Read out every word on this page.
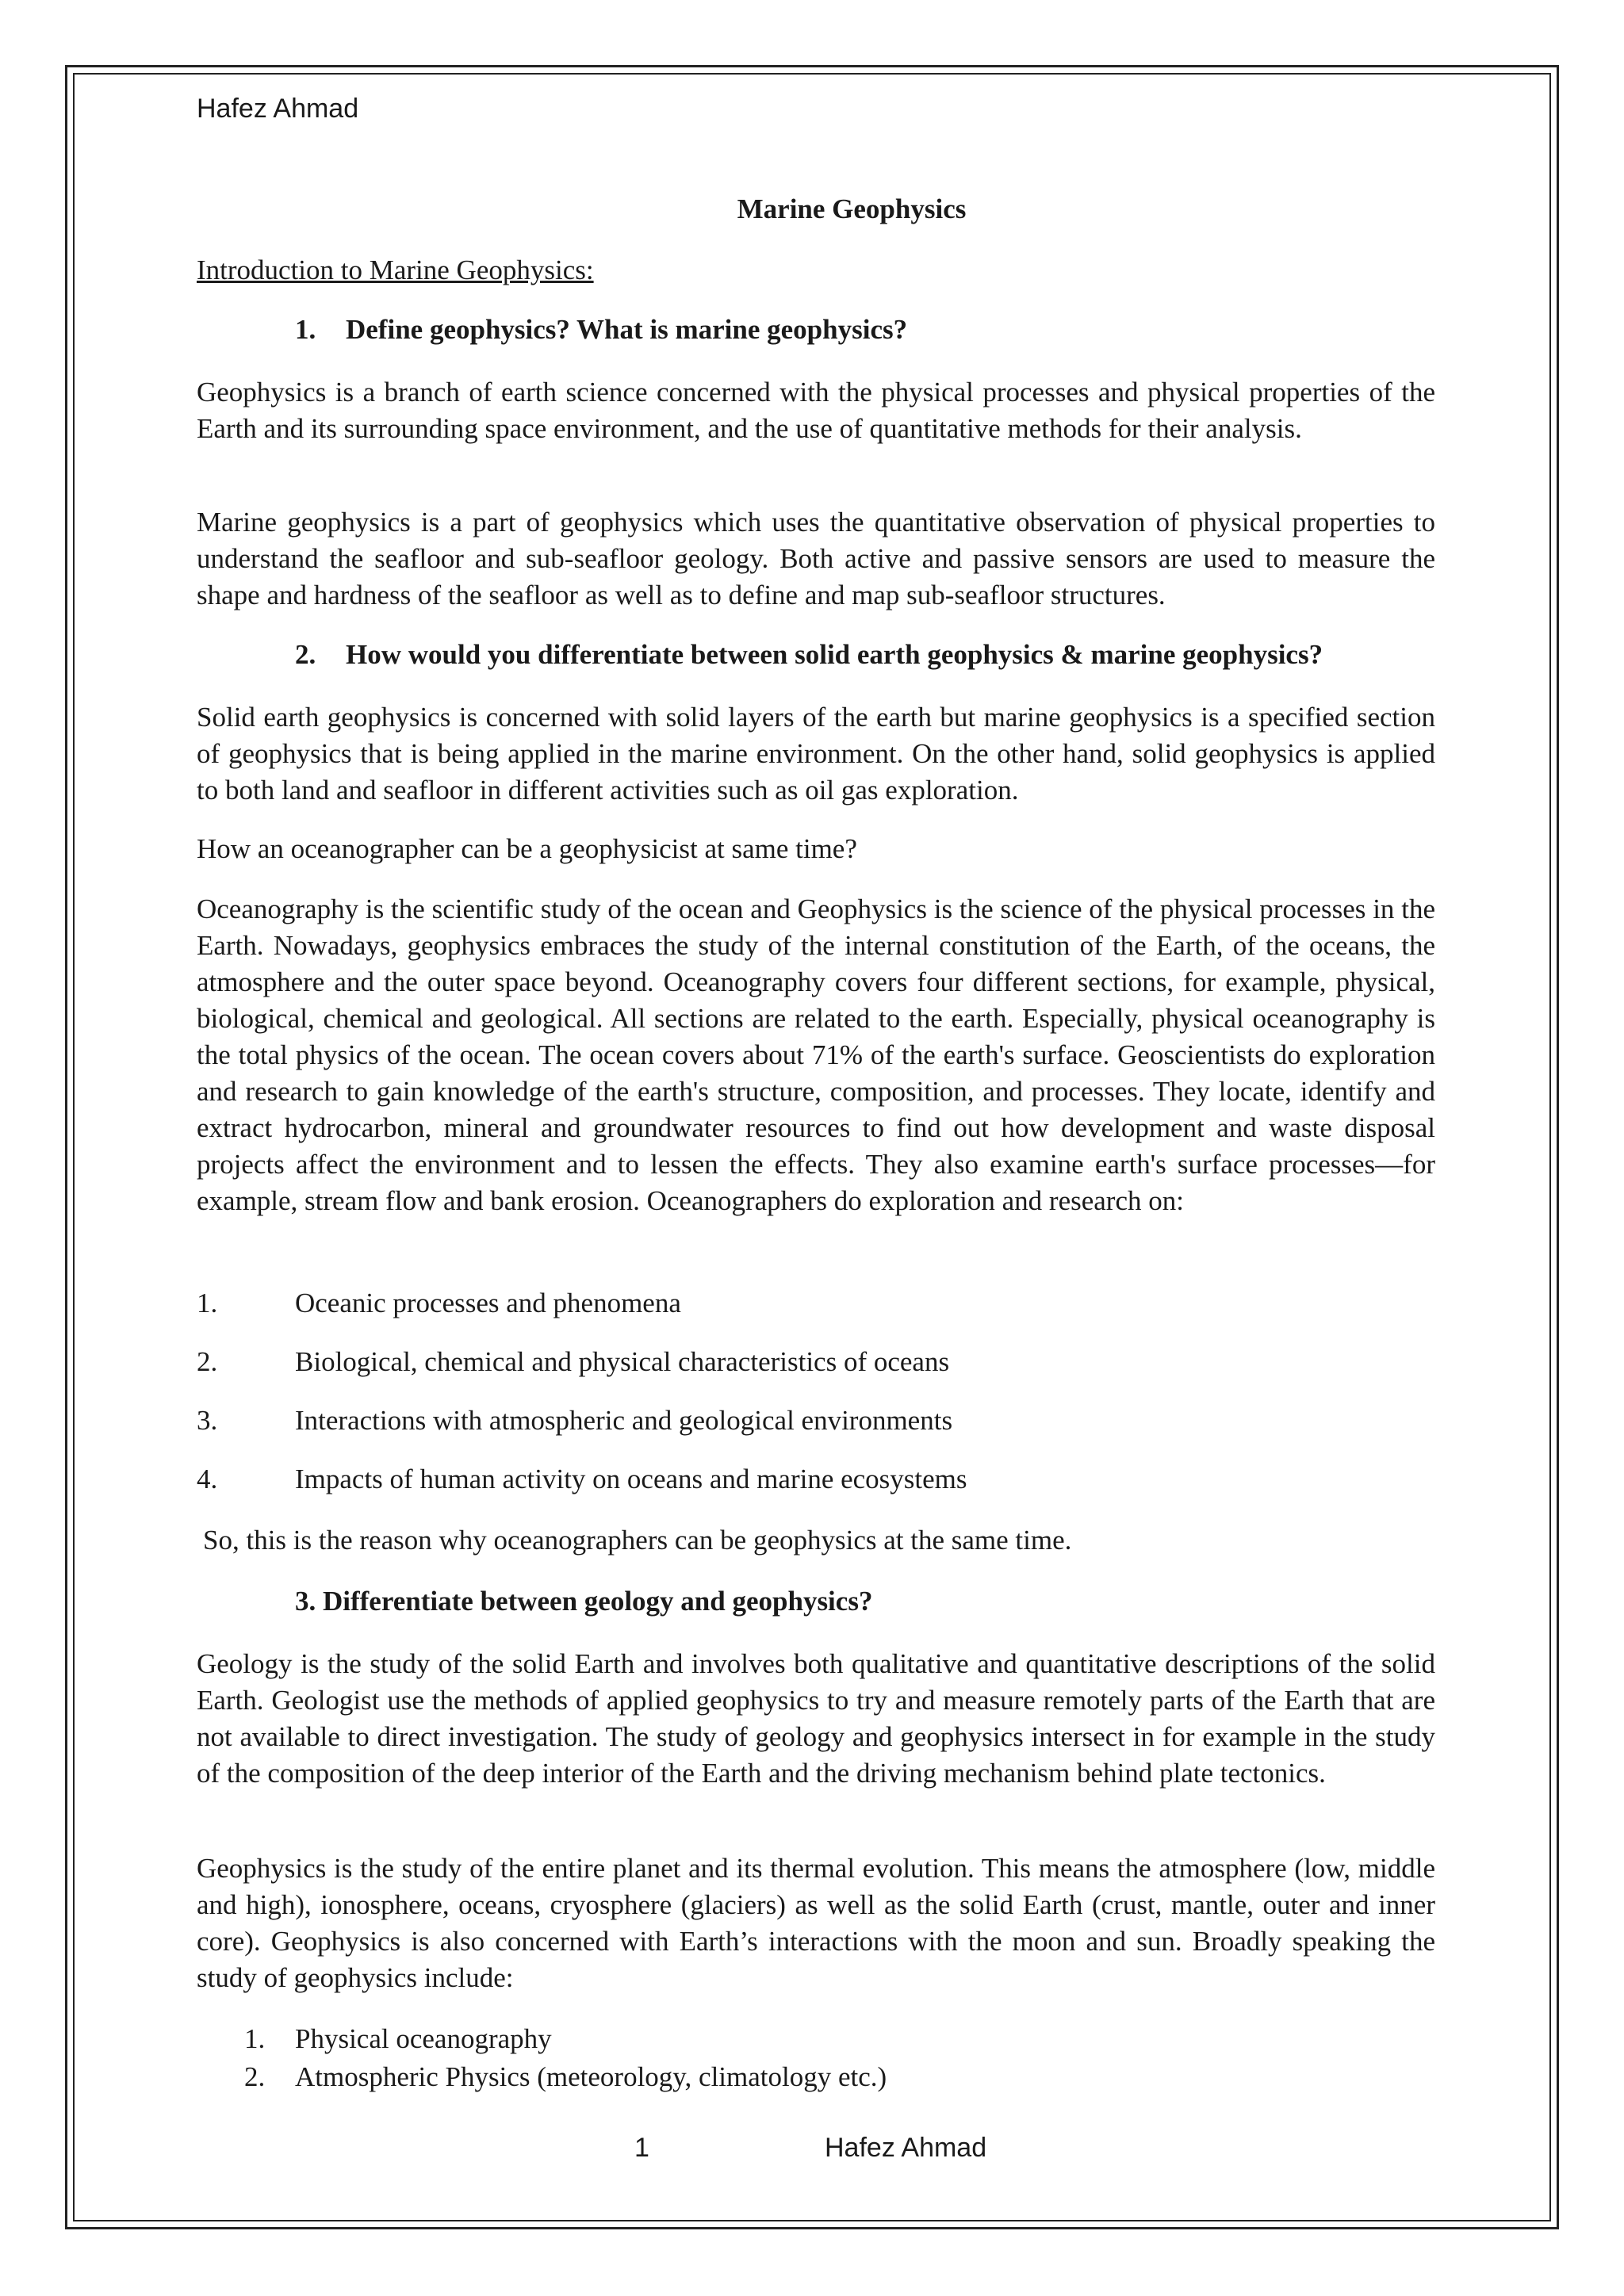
Hafez Ahmad

Marine Geophysics

Introduction to Marine Geophysics:

1. Define geophysics? What is marine geophysics?

Geophysics is a branch of earth science concerned with the physical processes and physical properties of the Earth and its surrounding space environment, and the use of quantitative methods for their analysis.

Marine geophysics is a part of geophysics which uses the quantitative observation of physical properties to understand the seafloor and sub-seafloor geology. Both active and passive sensors are used to measure the shape and hardness of the seafloor as well as to define and map sub-seafloor structures.

2. How would you differentiate between solid earth geophysics & marine geophysics?

Solid earth geophysics is concerned with solid layers of the earth but marine geophysics is a specified section of geophysics that is being applied in the marine environment. On the other hand, solid geophysics is applied to both land and seafloor in different activities such as oil gas exploration.

How an oceanographer can be a geophysicist at same time?

Oceanography is the scientific study of the ocean and Geophysics is the science of the physical processes in the Earth. Nowadays, geophysics embraces the study of the internal constitution of the Earth, of the oceans, the atmosphere and the outer space beyond. Oceanography covers four different sections, for example, physical, biological, chemical and geological. All sections are related to the earth. Especially, physical oceanography is the total physics of the ocean. The ocean covers about 71% of the earth's surface. Geoscientists do exploration and research to gain knowledge of the earth's structure, composition, and processes. They locate, identify and extract hydrocarbon, mineral and groundwater resources to find out how development and waste disposal projects affect the environment and to lessen the effects. They also examine earth's surface processes—for example, stream flow and bank erosion. Oceanographers do exploration and research on:

1.	Oceanic processes and phenomena

2.	Biological, chemical and physical characteristics of oceans

3.	Interactions with atmospheric and geological environments

4.	Impacts of human activity on oceans and marine ecosystems

So, this is the reason why oceanographers can be geophysics at the same time.

3. Differentiate between geology and geophysics?

Geology is the study of the solid Earth and involves both qualitative and quantitative descriptions of the solid Earth. Geologist use the methods of applied geophysics to try and measure remotely parts of the Earth that are not available to direct investigation. The study of geology and geophysics intersect in for example in the study of the composition of the deep interior of the Earth and the driving mechanism behind plate tectonics.

Geophysics is the study of the entire planet and its thermal evolution. This means the atmosphere (low, middle and high), ionosphere, oceans, cryosphere (glaciers) as well as the solid Earth (crust, mantle, outer and inner core). Geophysics is also concerned with Earth’s interactions with the moon and sun. Broadly speaking the study of geophysics include:

1. Physical oceanography

2. Atmospheric Physics (meteorology, climatology etc.)

1	Hafez Ahmad
